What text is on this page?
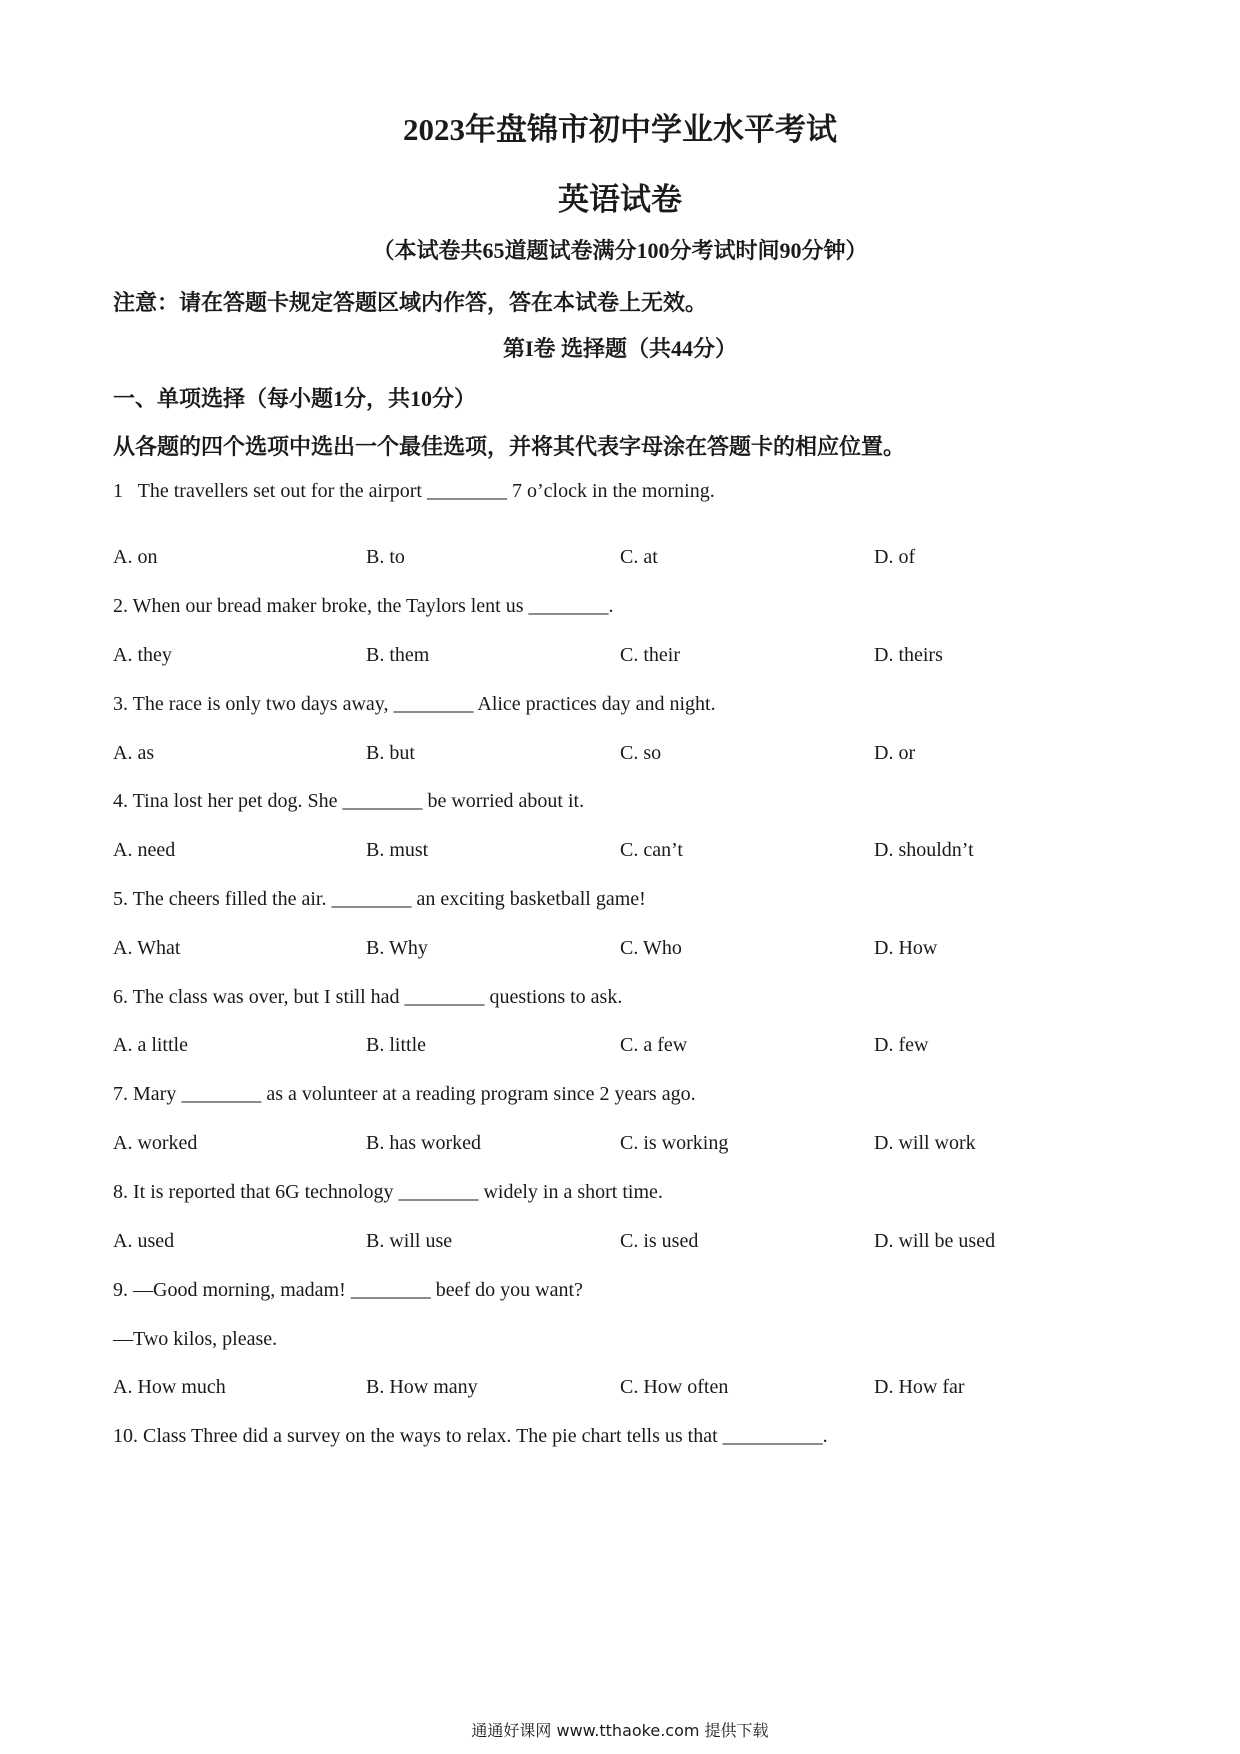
2023年盘锦市初中学业水平考试
英语试卷
（本试卷共65道题试卷满分100分考试时间90分钟）
注意：请在答题卡规定答题区域内作答，答在本试卷上无效。
第I卷 选择题（共44分）
一、单项选择（每小题1分，共10分）
从各题的四个选项中选出一个最佳选项，并将其代表字母涂在答题卡的相应位置。
1   The travellers set out for the airport ________ 7 o’clock in the morning.
A. on	B. to	C. at	D. of
2. When our bread maker broke, the Taylors lent us ________.
A. they	B. them	C. their	D. theirs
3. The race is only two days away, ________ Alice practices day and night.
A. as	B. but	C. so	D. or
4. Tina lost her pet dog. She ________ be worried about it.
A. need	B. must	C. can’t	D. shouldn’t
5. The cheers filled the air. ________ an exciting basketball game!
A. What	B. Why	C. Who	D. How
6. The class was over, but I still had ________ questions to ask.
A. a little	B. little	C. a few	D. few
7. Mary ________ as a volunteer at a reading program since 2 years ago.
A. worked	B. has worked	C. is working	D. will work
8. It is reported that 6G technology ________ widely in a short time.
A. used	B. will use	C. is used	D. will be used
9. —Good morning, madam! ________ beef do you want?
—Two kilos, please.
A. How much	B. How many	C. How often	D. How far
10. Class Three did a survey on the ways to relax. The pie chart tells us that __________.
通通好课网 www.tthaoke.com 提供下载
